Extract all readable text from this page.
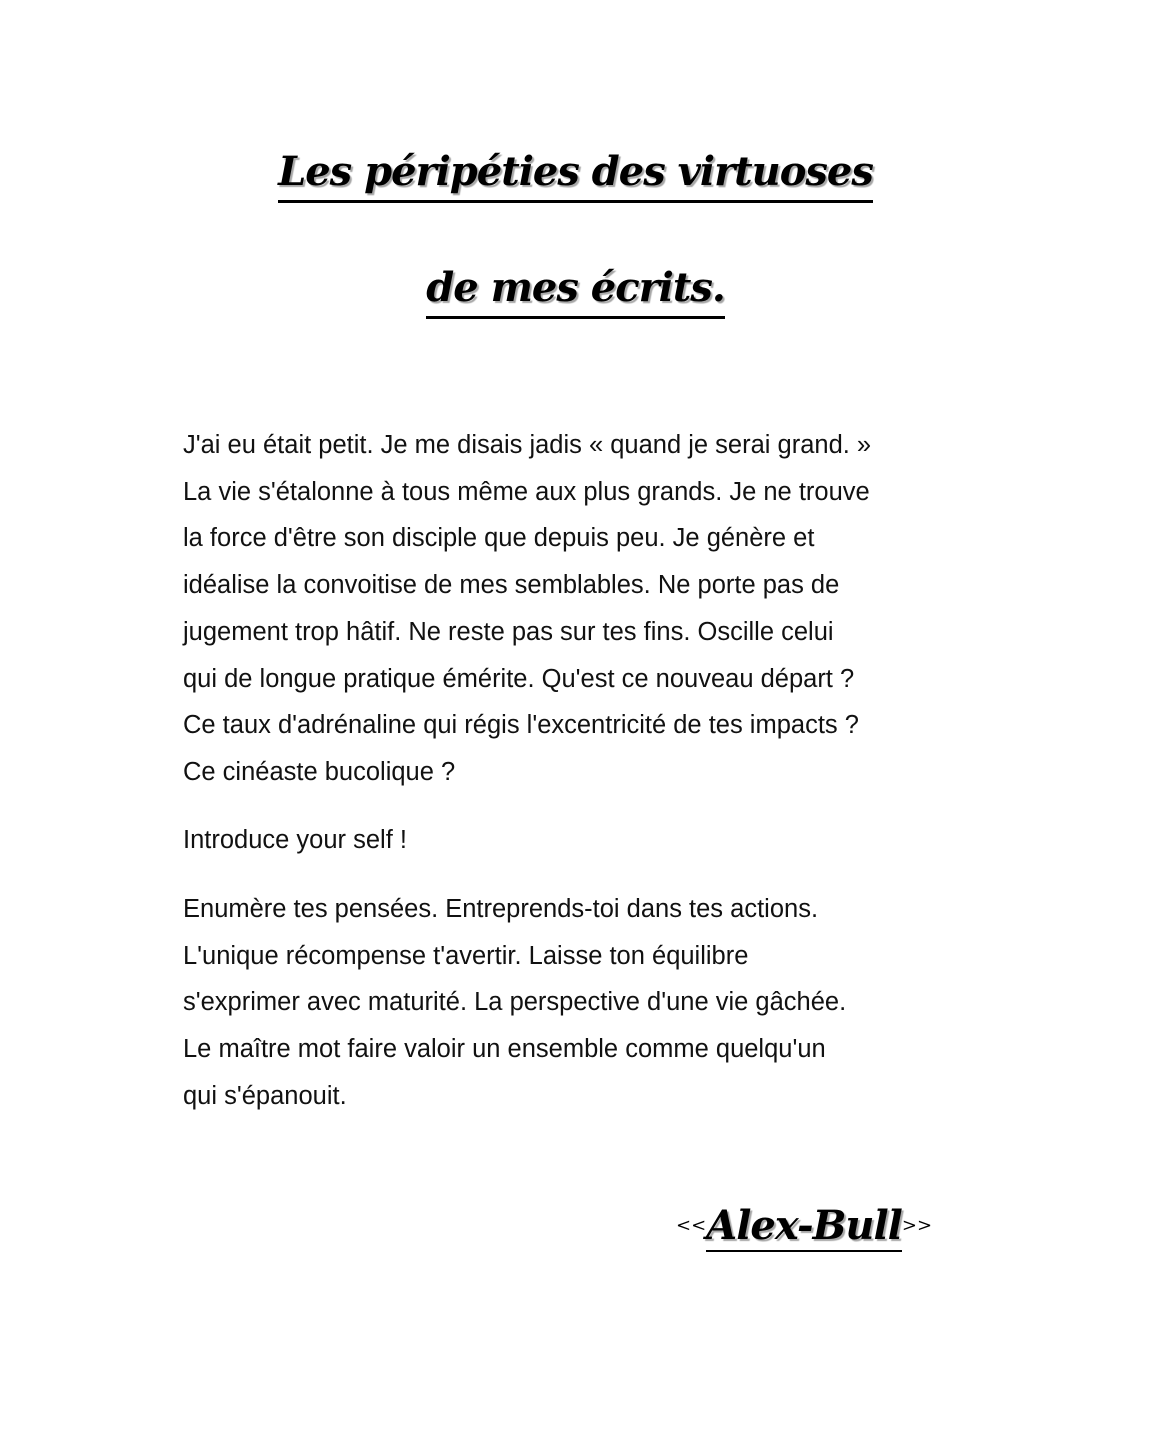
Les péripéties des virtuoses
de mes écrits.

J'ai eu était petit. Je me disais jadis « quand je serai grand. »
La vie s'étalonne à tous même aux plus grands. Je ne trouve
la force d'être son disciple que depuis peu. Je génère et
idéalise la convoitise de mes semblables. Ne porte pas de
jugement trop hâtif. Ne reste pas sur tes fins. Oscille celui
qui de longue pratique émérite. Qu'est ce nouveau départ ?
Ce taux d'adrénaline qui régis l'excentricité de tes impacts ?
Ce cinéaste bucolique ?

Introduce your self !

Enumère tes pensées. Entreprends-toi dans tes actions.
L'unique récompense t'avertir. Laisse ton équilibre
s'exprimer avec maturité. La perspective d'une vie gâchée.
Le maître mot faire valoir un ensemble comme quelqu'un
qui s'épanouit.

<<Alex-Bull>>
